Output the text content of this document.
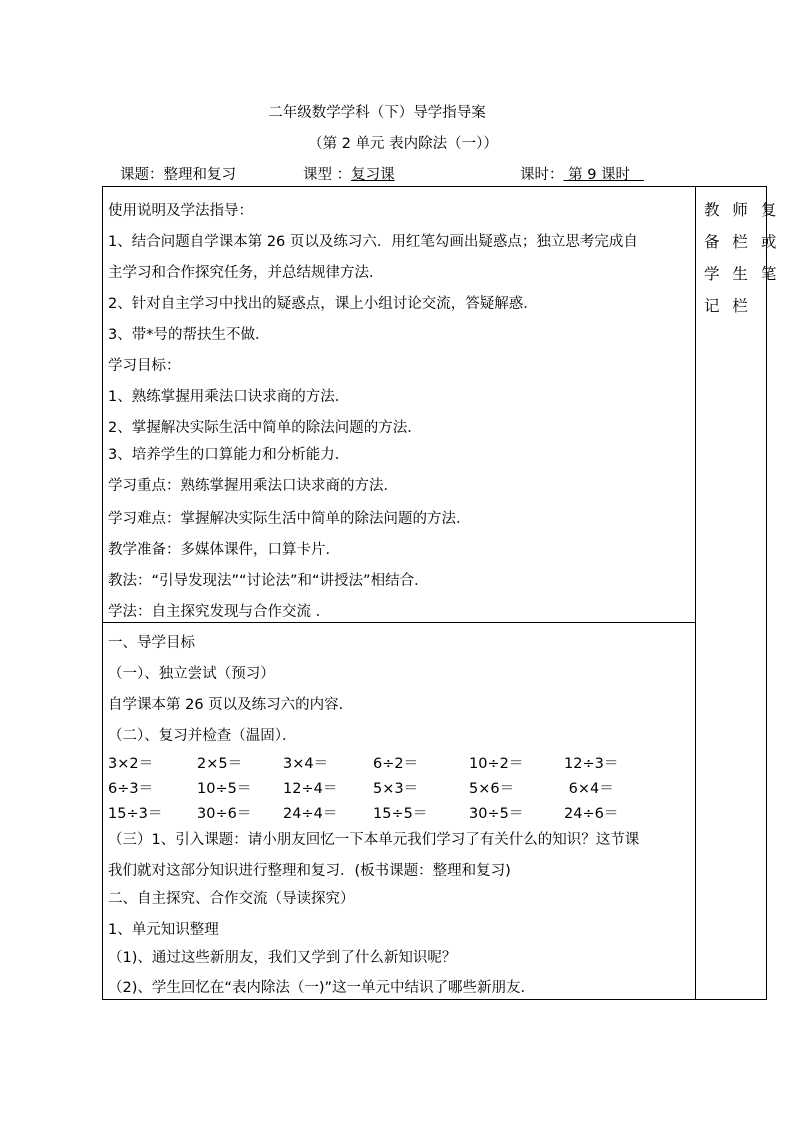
二年级数学学科（下）导学指导案
（第 2 单元 表内除法（一））
课题：整理和复习	课型 ：复习课	课时： 第 9 课时
教 师 复
备 栏 或
学 生 笔
记 栏
使用说明及学法指导：
1、结合问题自学课本第 26 页以及练习六．用红笔勾画出疑惑点；独立思考完成自
主学习和合作探究任务，并总结规律方法．
2、针对自主学习中找出的疑惑点，课上小组讨论交流，答疑解惑．
3、带*号的帮扶生不做．
学习目标：
1、熟练掌握用乘法口诀求商的方法．
2、掌握解决实际生活中简单的除法问题的方法．
3、培养学生的口算能力和分析能力．
学习重点：熟练掌握用乘法口诀求商的方法．
学习难点：掌握解决实际生活中简单的除法问题的方法．
教学准备：多媒体课件，口算卡片．
教法：“引导发现法”“讨论法”和“讲授法”相结合．
学法：自主探究发现与合作交流 ．
一、导学目标
（一）、独立尝试（预习）
自学课本第 26 页以及练习六的内容．
（二）、复习并检查（温固）．
3×2＝	2×5＝	3×4＝	6÷2＝	10÷2＝	12÷3＝
6÷3＝	10÷5＝ 12÷4＝ 5×3＝	5×6＝	6×4＝
15÷3＝ 30÷6＝ 24÷4＝ 15÷5＝	30÷5＝	24÷6＝
（三）1、引入课题：请小朋友回忆一下本单元我们学习了有关什么的知识？这节课
我们就对这部分知识进行整理和复习．(板书课题：整理和复习)
二、自主探究、合作交流（导读探究）
1、单元知识整理
（1)、通过这些新朋友，我们又学到了什么新知识呢？
（2)、学生回忆在“表内除法（一)”这一单元中结识了哪些新朋友．
